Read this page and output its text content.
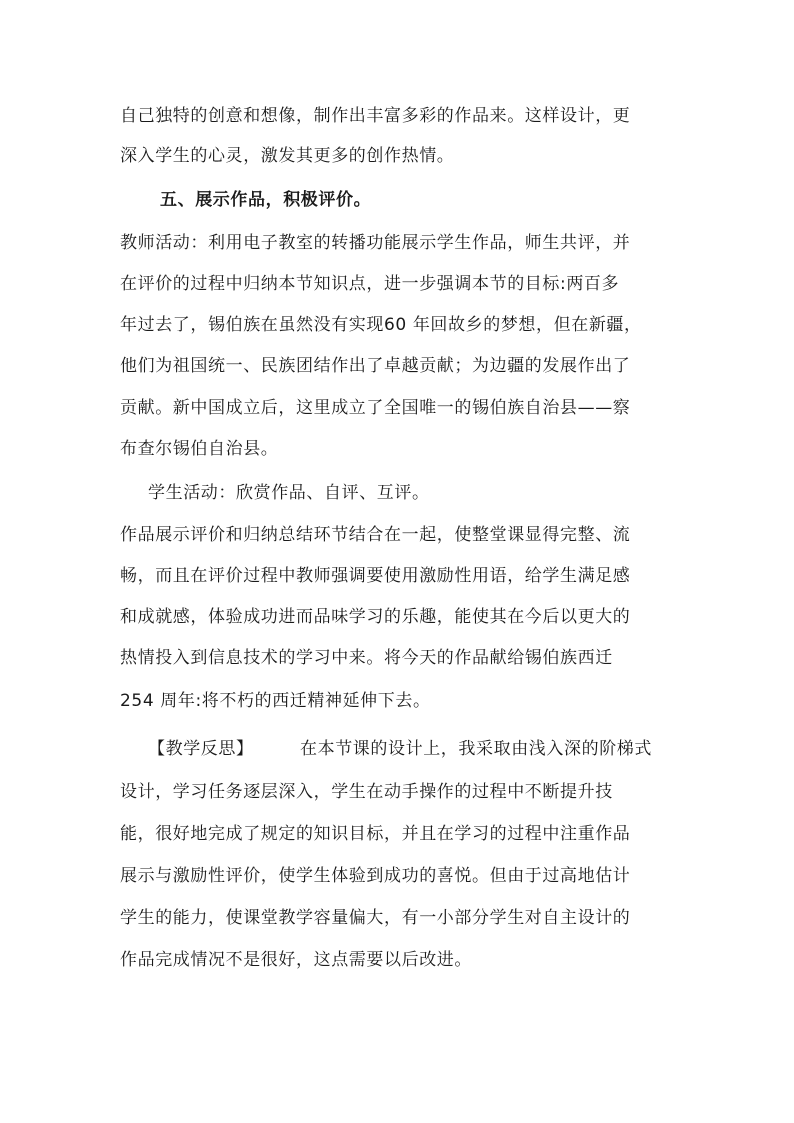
自己独特的创意和想像，制作出丰富多彩的作品来。这样设计，更
深入学生的心灵，激发其更多的创作热情。
五、展示作品，积极评价。
教师活动：利用电子教室的转播功能展示学生作品，师生共评，并
在评价的过程中归纳本节知识点，进一步强调本节的目标:两百多
年过去了，锡伯族在虽然没有实现60 年回故乡的梦想，但在新疆，
他们为祖国统一、民族团结作出了卓越贡献；为边疆的发展作出了
贡献。新中国成立后，这里成立了全国唯一的锡伯族自治县——察
布查尔锡伯自治县。
学生活动：欣赏作品、自评、互评。
作品展示评价和归纳总结环节结合在一起，使整堂课显得完整、流
畅，而且在评价过程中教师强调要使用激励性用语，给学生满足感
和成就感，体验成功进而品味学习的乐趣，能使其在今后以更大的
热情投入到信息技术的学习中来。将今天的作品献给锡伯族西迁
254 周年:将不朽的西迁精神延伸下去。
【教学反思】	在本节课的设计上，我采取由浅入深的阶梯式
设计，学习任务逐层深入，学生在动手操作的过程中不断提升技
能，很好地完成了规定的知识目标，并且在学习的过程中注重作品
展示与激励性评价，使学生体验到成功的喜悦。但由于过高地估计
学生的能力，使课堂教学容量偏大，有一小部分学生对自主设计的
作品完成情况不是很好，这点需要以后改进。
